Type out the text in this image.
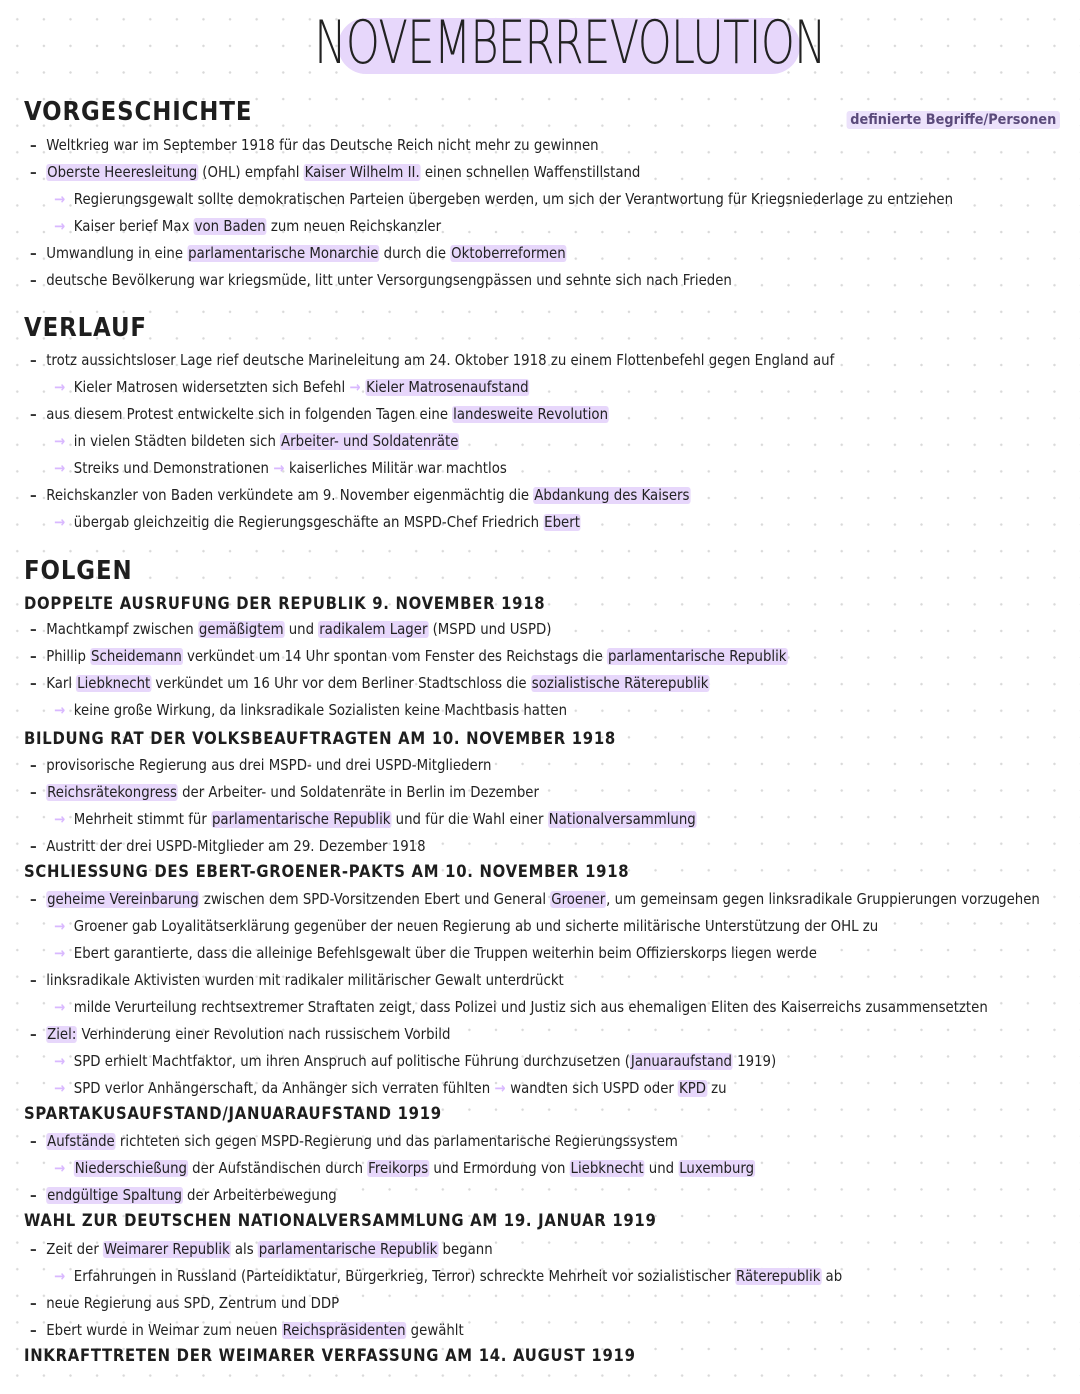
NOVEMBERREVOLUTION
definierte Begriffe/Personen
VORGESCHICHTE
– Weltkrieg war im September 1918 für das Deutsche Reich nicht mehr zu gewinnen
– Oberste Heeresleitung (OHL) empfahl Kaiser Wilhelm II. einen schnellen Waffenstillstand
→ Regierungsgewalt sollte demokratischen Parteien übergeben werden, um sich der Verantwortung für Kriegsniederlage zu entziehen
→ Kaiser berief Max von Baden zum neuen Reichskanzler
– Umwandlung in eine parlamentarische Monarchie durch die Oktoberreformen
– deutsche Bevölkerung war kriegsmüde, litt unter Versorgungsengpässen und sehnte sich nach Frieden
VERLAUF
– trotz aussichtsloser Lage rief deutsche Marineleitung am 24. Oktober 1918 zu einem Flottenbefehl gegen England auf
→ Kieler Matrosen widersetzten sich Befehl → Kieler Matrosenaufstand
– aus diesem Protest entwickelte sich in folgenden Tagen eine landesweite Revolution
→ in vielen Städten bildeten sich Arbeiter- und Soldatenräte
→ Streiks und Demonstrationen → kaiserliches Militär war machtlos
– Reichskanzler von Baden verkündete am 9. November eigenmächtig die Abdankung des Kaisers
→ übergab gleichzeitig die Regierungsgeschäfte an MSPD-Chef Friedrich Ebert
FOLGEN
DOPPELTE AUSRUFUNG DER REPUBLIK 9. NOVEMBER 1918
– Machtkampf zwischen gemäßigtem und radikalem Lager (MSPD und USPD)
– Phillip Scheidemann verkündet um 14 Uhr spontan vom Fenster des Reichstags die parlamentarische Republik
– Karl Liebknecht verkündet um 16 Uhr vor dem Berliner Stadtschloss die sozialistische Räterepublik
→ keine große Wirkung, da linksradikale Sozialisten keine Machtbasis hatten
BILDUNG RAT DER VOLKSBEAUFTRAGTEN AM 10. NOVEMBER 1918
– provisorische Regierung aus drei MSPD- und drei USPD-Mitgliedern
– Reichsrätekongress der Arbeiter- und Soldatenräte in Berlin im Dezember
→ Mehrheit stimmt für parlamentarische Republik und für die Wahl einer Nationalversammlung
– Austritt der drei USPD-Mitglieder am 29. Dezember 1918
SCHLIESSUNG DES EBERT-GROENER-PAKTS AM 10. NOVEMBER 1918
– geheime Vereinbarung zwischen dem SPD-Vorsitzenden Ebert und General Groener, um gemeinsam gegen linksradikale Gruppierungen vorzugehen
→ Groener gab Loyalitätserklärung gegenüber der neuen Regierung ab und sicherte militärische Unterstützung der OHL zu
→ Ebert garantierte, dass die alleinige Befehlsgewalt über die Truppen weiterhin beim Offizierskorps liegen werde
– linksradikale Aktivisten wurden mit radikaler militärischer Gewalt unterdrückt
→ milde Verurteilung rechtsextremer Straftaten zeigt, dass Polizei und Justiz sich aus ehemaligen Eliten des Kaiserreichs zusammensetzten
– Ziel: Verhinderung einer Revolution nach russischem Vorbild
→ SPD erhielt Machtfaktor, um ihren Anspruch auf politische Führung durchzusetzen (Januaraufstand 1919)
→ SPD verlor Anhängerschaft, da Anhänger sich verraten fühlten → wandten sich USPD oder KPD zu
SPARTAKUSAUFSTAND/JANUARAUFSTAND 1919
– Aufstände richteten sich gegen MSPD-Regierung und das parlamentarische Regierungssystem
→ Niederschießung der Aufständischen durch Freikorps und Ermordung von Liebknecht und Luxemburg
– endgültige Spaltung der Arbeiterbewegung
WAHL ZUR DEUTSCHEN NATIONALVERSAMMLUNG AM 19. JANUAR 1919
– Zeit der Weimarer Republik als parlamentarische Republik begann
→ Erfahrungen in Russland (Parteidiktatur, Bürgerkrieg, Terror) schreckte Mehrheit vor sozialistischer Räterepublik ab
– neue Regierung aus SPD, Zentrum und DDP
– Ebert wurde in Weimar zum neuen Reichspräsidenten gewählt
INKRAFTTRETEN DER WEIMARER VERFASSUNG AM 14. AUGUST 1919
